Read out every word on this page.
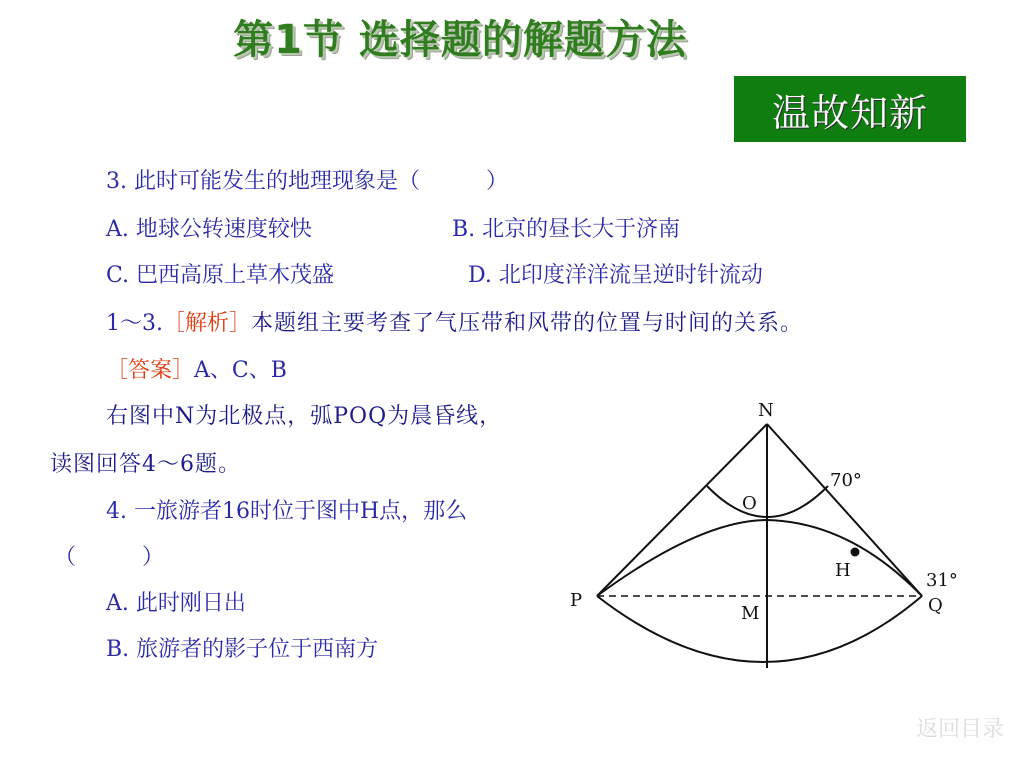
第1节 选择题的解题方法
温故知新
3. 此时可能发生的地理现象是（　　　）
A. 地球公转速度较快	B. 北京的昼长大于济南
C. 巴西高原上草木茂盛	D. 北印度洋洋流呈逆时针流动
1～3.［解析］本题组主要考查了气压带和风带的位置与时间的关系。
［答案］A、C、B
右图中N为北极点，弧POQ为晨昏线，
读图回答4～6题。
4. 一旅游者16时位于图中H点，那么
（　　　）
A. 此时刚日出
B. 旅游者的影子位于西南方
N
O
P	Q
M
H
70°
31°
返回目录
